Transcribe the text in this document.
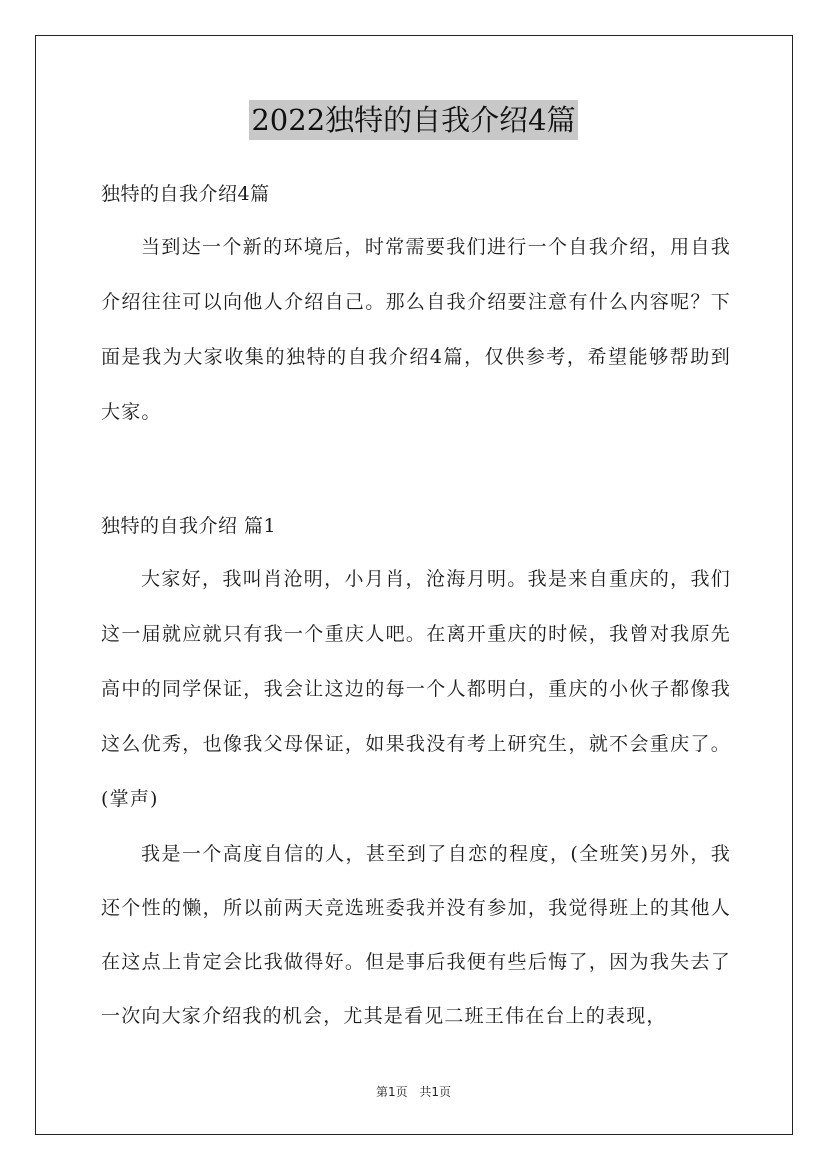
2022独特的自我介绍4篇

独特的自我介绍4篇

当到达一个新的环境后，时常需要我们进行一个自我介绍，用自我介绍往往可以向他人介绍自己。那么自我介绍要注意有什么内容呢？下面是我为大家收集的独特的自我介绍4篇，仅供参考，希望能够帮助到大家。

独特的自我介绍 篇1

大家好，我叫肖沧明，小月肖，沧海月明。我是来自重庆的，我们这一届就应就只有我一个重庆人吧。在离开重庆的时候，我曾对我原先高中的同学保证，我会让这边的每一个人都明白，重庆的小伙子都像我这么优秀，也像我父母保证，如果我没有考上研究生，就不会重庆了。(掌声)

我是一个高度自信的人，甚至到了自恋的程度，(全班笑)另外，我还个性的懒，所以前两天竞选班委我并没有参加，我觉得班上的其他人在这点上肯定会比我做得好。但是事后我便有些后悔了，因为我失去了一次向大家介绍我的机会，尤其是看见二班王伟在台上的表现，

第1页 共1页
